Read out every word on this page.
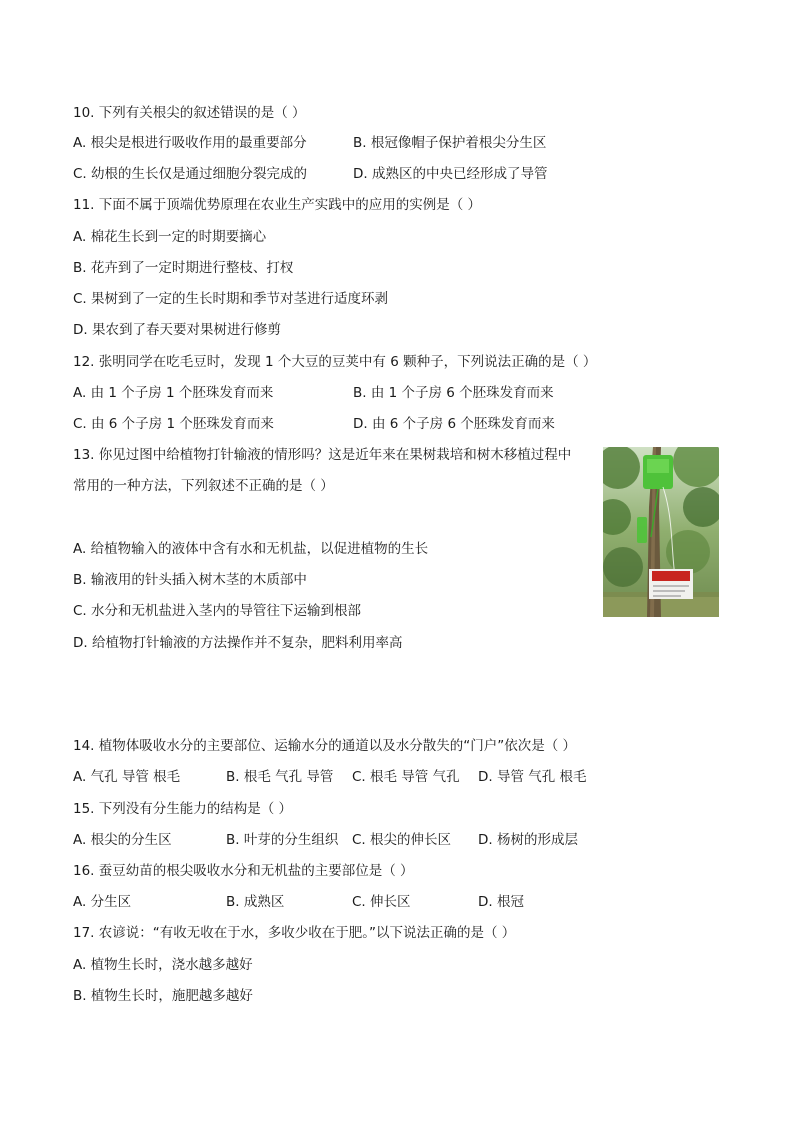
10. 下列有关根尖的叙述错误的是（ ）
A. 根尖是根进行吸收作用的最重要部分	B. 根冠像帽子保护着根尖分生区
C. 幼根的生长仅是通过细胞分裂完成的	D. 成熟区的中央已经形成了导管
11. 下面不属于顶端优势原理在农业生产实践中的应用的实例是（ ）
A. 棉花生长到一定的时期要摘心
B. 花卉到了一定时期进行整枝、打杈
C. 果树到了一定的生长时期和季节对茎进行适度环剥
D. 果农到了春天要对果树进行修剪
12. 张明同学在吃毛豆时，发现 1 个大豆的豆荚中有 6 颗种子，下列说法正确的是（ ）
A. 由 1 个子房 1 个胚珠发育而来	B. 由 1 个子房 6 个胚珠发育而来
C. 由 6 个子房 1 个胚珠发育而来	D. 由 6 个子房 6 个胚珠发育而来
13. 你见过图中给植物打针输液的情形吗？这是近年来在果树栽培和树木移植过程中
常用的一种方法，下列叙述不正确的是（ ）
A. 给植物输入的液体中含有水和无机盐，以促进植物的生长
B. 输液用的针头插入树木茎的木质部中
C. 水分和无机盐进入茎内的导管往下运输到根部
D. 给植物打针输液的方法操作并不复杂，肥料利用率高
14. 植物体吸收水分的主要部位、运输水分的通道以及水分散失的“门户”依次是（ ）
A. 气孔 导管 根毛	B. 根毛 气孔 导管 C. 根毛 导管 气孔 D. 导管 气孔 根毛
15. 下列没有分生能力的结构是（ ）
A. 根尖的分生区	B. 叶芽的分生组织 C. 根尖的伸长区 D. 杨树的形成层
16. 蚕豆幼苗的根尖吸收水分和无机盐的主要部位是（ ）
A. 分生区	B. 成熟区	C. 伸长区	D. 根冠
17. 农谚说：“有收无收在于水，多收少收在于肥。”以下说法正确的是（ ）
A. 植物生长时，浇水越多越好
B. 植物生长时，施肥越多越好
